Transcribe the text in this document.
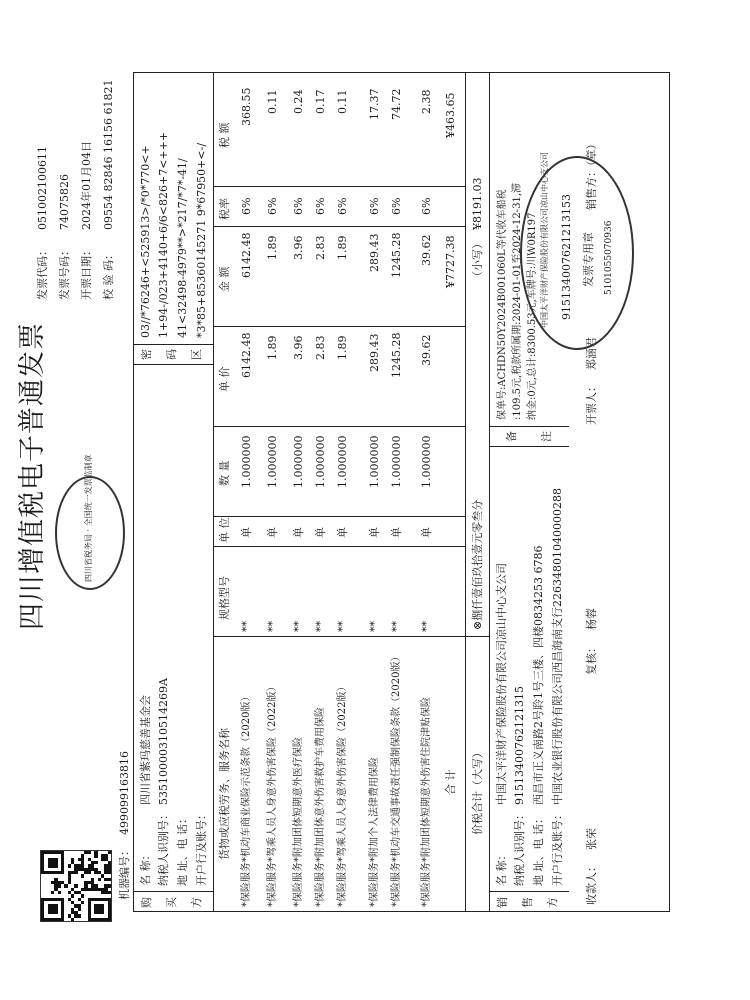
四川增值税电子普通发票	四川省税务局 · 全国统一发票监制章
机器编号：
499099163816
发票代码：
051002100611
发票号码：
74075826
开票日期：
2024年01月04日
校 验 码：
09554 82846 16156 61821
购 买 方
名 称：
四川省紫玛慈善基金会
纳税人识别号：
53510000310514269A
地 址、电 话： 开户行及账号：
密 码 区
03//*76246+<525913>/*0*770<+ 1+94-/023+4140+6/6<826+7<+++ 41<32498-4979**>*217/*7*-41/ *3*85+85360145271 9*67950+<-/
货物或应税劳务、服务名称
规格型号
单 位
数 量
单 价
金 额
税率
税 额
*保险服务*机动车商业保险示范条款（2020版）
**
单
1.000000
6142.48
6142.48
6%
368.55
*保险服务*驾乘人员人身意外伤害保险（2022版）
**
单
1.000000
1.89
1.89
6%
0.11
*保险服务*附加团体短期意外医疗保险
**
单
1.000000
3.96
3.96
6%
0.24
*保险服务*附加团体意外伤害救护车费用保险
**
单
1.000000
2.83
2.83
6%
0.17
*保险服务*驾乘人员人身意外伤害保险（2022版）
**
单
1.000000
1.89
1.89
6%
0.11
*保险服务*附加个人法律费用保险
**
单
1.000000
289.43
289.43
6%
17.37
*保险服务*机动车交通事故责任强制保险条款（2020版）
**
单
1.000000
1245.28
1245.28
6%
74.72
*保险服务*附加团体短期意外伤害住院津贴保险
**
单
1.000000
39.62
39.62
6%
2.38
合 计
¥7727.38
¥463.65
价税合计（大写）
⊗捌仟壹佰玖拾壹元零叁分
（小写）
¥8191.03
销 售 方
名 称：
中国太平洋财产保险股份有限公司凉山中心支公司
纳税人识别号：
91513400762121315
地 址、电 话：
西昌市正义南路2号聆1号三楼、四楼0834253 6786
开户行及账号：
中国农业银行股份有限公司西昌海南支行22634801040000288
备 注
保单号:ACHDN50Y2024B001060L等代收车船税 :109.5元,税款所属期:2024-01-01至2024-12-31,滞 纳金:0元,总计:8300.53元,车牌号:川W0R197
收款人：
张荣
复核：
杨蓉
开票人：
郑涵君
销售方：（章）
中国太平洋财产保险股份有限公司凉山中心支公司 915134007621213153 发票专用章 5101055070936
